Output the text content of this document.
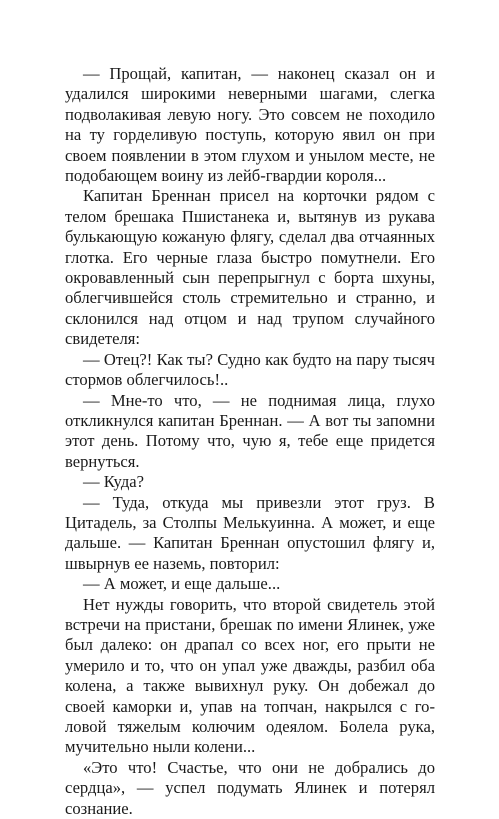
— Прощай, капитан, — наконец сказал он и удалился широкими неверными шагами, слегка подволакивая левую ногу. Это совсем не походило на ту горделивую поступь, которую явил он при своем появлении в этом глухом и унылом месте, не подобающем воину из лейб-гвардии короля...

Капитан Бреннан присел на корточки рядом с телом брешака Пшистанека и, вытянув из рукава булькающую кожаную флягу, сделал два отчаянных глотка. Его черные глаза быстро помутнели. Его окровавленный сын перепрыгнул с борта шхуны, облегчившейся столь стремительно и странно, и склонился над отцом и над трупом случайного свидетеля:

— Отец?! Как ты? Судно как будто на пару тысяч стормов облегчилось!..

— Мне-то что, — не поднимая лица, глухо откликнулся капитан Бреннан. — А вот ты запомни этот день. Потому что, чую я, тебе еще придется вернуться.

— Куда?

— Туда, откуда мы привезли этот груз. В Цитадель, за Столпы Мелькуинна. А может, и еще дальше. — Капитан Бреннан опустошил флягу и, швырнув ее наземь, повторил:

— А может, и еще дальше...

Нет нужды говорить, что второй свидетель этой встречи на пристани, брешак по имени Ялинек, уже был далеко: он драпал со всех ног, его прыти не умерило и то, что он упал уже дважды, разбил оба колена, а также вывихнул руку. Он добежал до своей каморки и, упав на топчан, накрылся с головой тяжелым колючим одеялом. Болела рука, мучительно ныли колени...

«Это что! Счастье, что они не добрались до сердца», — успел подумать Ялинек и потерял сознание.
